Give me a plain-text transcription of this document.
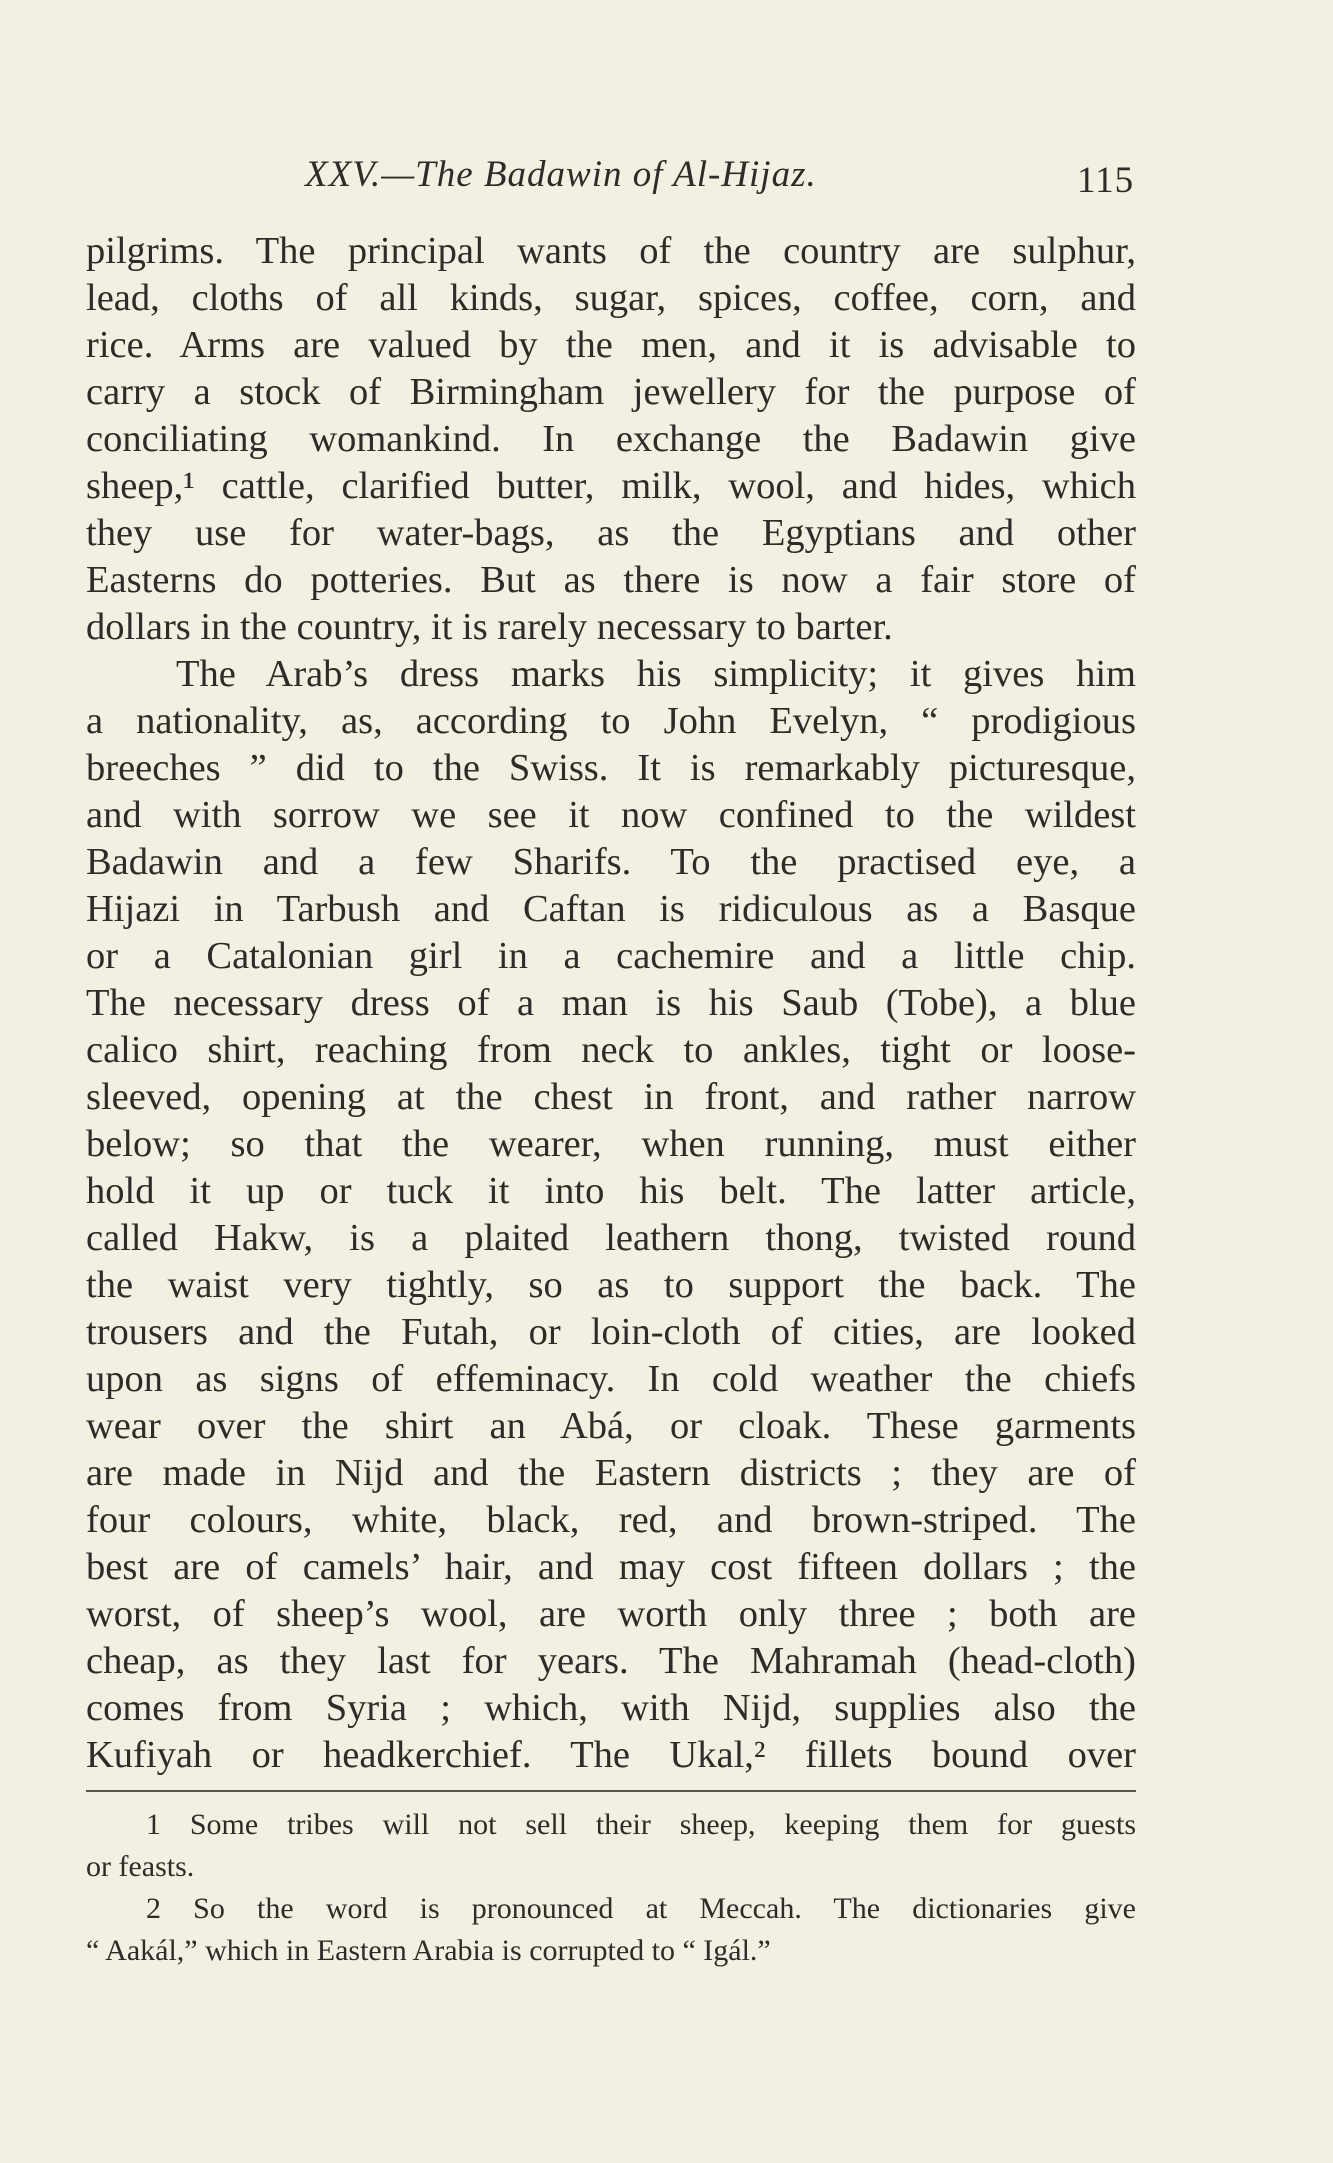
XXV.—The Badawin of Al-Hijaz.	115
pilgrims. The principal wants of the country are sulphur,
lead, cloths of all kinds, sugar, spices, coffee, corn, and
rice. Arms are valued by the men, and it is advisable to
carry a stock of Birmingham jewellery for the purpose of
conciliating womankind. In exchange the Badawin give
sheep,¹ cattle, clarified butter, milk, wool, and hides, which
they use for water-bags, as the Egyptians and other
Easterns do potteries. But as there is now a fair store of
dollars in the country, it is rarely necessary to barter.
The Arab’s dress marks his simplicity; it gives him
a nationality, as, according to John Evelyn, “ prodigious
breeches ” did to the Swiss. It is remarkably picturesque,
and with sorrow we see it now confined to the wildest
Badawin and a few Sharifs. To the practised eye, a
Hijazi in Tarbush and Caftan is ridiculous as a Basque
or a Catalonian girl in a cachemire and a little chip.
The necessary dress of a man is his Saub (Tobe), a blue
calico shirt, reaching from neck to ankles, tight or loose-
sleeved, opening at the chest in front, and rather narrow
below; so that the wearer, when running, must either
hold it up or tuck it into his belt. The latter article,
called Hakw, is a plaited leathern thong, twisted round
the waist very tightly, so as to support the back. The
trousers and the Futah, or loin-cloth of cities, are looked
upon as signs of effeminacy. In cold weather the chiefs
wear over the shirt an Abá, or cloak. These garments
are made in Nijd and the Eastern districts ; they are of
four colours, white, black, red, and brown-striped. The
best are of camels’ hair, and may cost fifteen dollars ; the
worst, of sheep’s wool, are worth only three ; both are
cheap, as they last for years. The Mahramah (head-cloth)
comes from Syria ; which, with Nijd, supplies also the
Kufiyah or headkerchief. The Ukal,² fillets bound over
1 Some tribes will not sell their sheep, keeping them for guests
or feasts.
2 So the word is pronounced at Meccah. The dictionaries give
“ Aakál,” which in Eastern Arabia is corrupted to “ Igál.”
